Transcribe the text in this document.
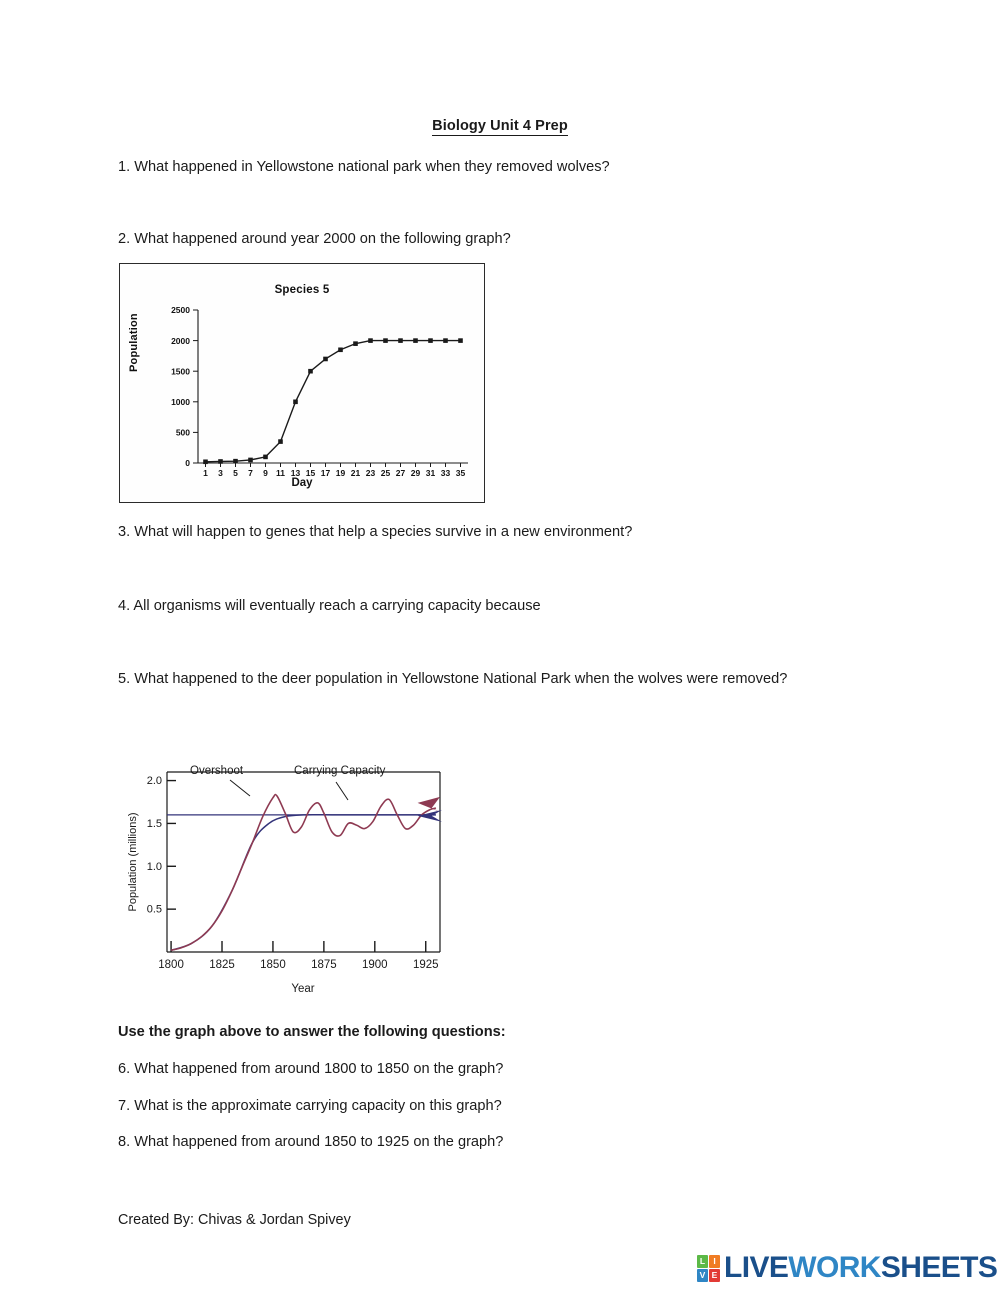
Biology Unit 4 Prep
1. What happened in Yellowstone national park when they removed wolves?
2. What happened around year 2000 on the following graph?
Species 5
Population
Day
0
500
1000
1500
2000
2500
1 3 5 7 9 11 13 15 17 19 21 23 25 27 29 31 33 35
3. What will happen to genes that help a species survive in a new environment?
4. All organisms will eventually reach a carrying capacity because
5. What happened to the deer population in Yellowstone National Park when the wolves were removed?
0.5
1.0
1.5
2.0
1800 1825 1850 1875 1900 1925
Overshoot	Carrying Capacity
Population (millions)
Year
Use the graph above to answer the following questions:
6. What happened from around 1800 to 1850 on the graph?
7. What is the approximate carrying capacity on this graph?
8. What happened from around 1850 to 1925 on the graph?
Created By: Chivas & Jordan Spivey
L I
V E LIVEWORKSHEETS
